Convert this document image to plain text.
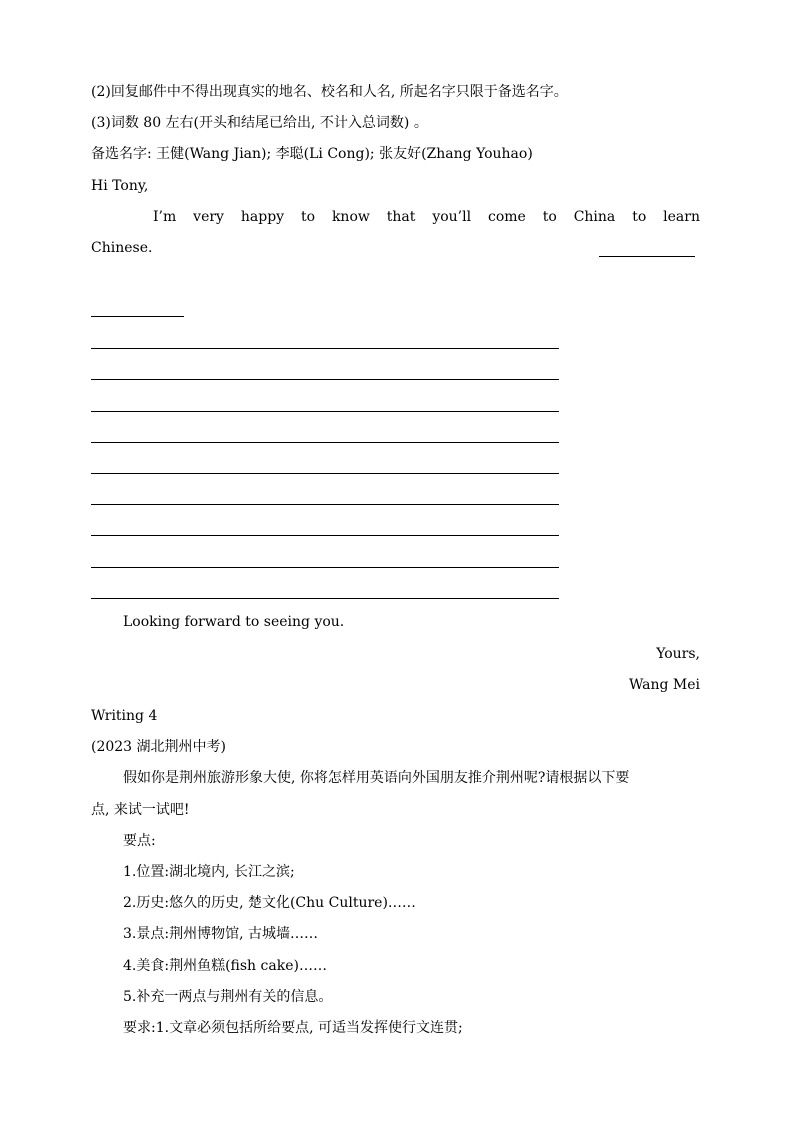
(2)回复邮件中不得出现真实的地名、校名和人名, 所起名字只限于备选名字。
(3)词数 80 左右(开头和结尾已给出, 不计入总词数) 。
备选名字: 王健(Wang Jian); 李聪(Li Cong); 张友好(Zhang Youhao)
Hi Tony,
I’m very happy to know that you’ll come to China to learn
Chinese.
Looking forward to seeing you.
Yours,
Wang Mei
Writing 4
(2023 湖北荆州中考)
假如你是荆州旅游形象大使, 你将怎样用英语向外国朋友推介荆州呢?请根据以下要
点, 来试一试吧!
要点:
1.位置:湖北境内, 长江之滨;
2.历史:悠久的历史, 楚文化(Chu Culture)……
3.景点:荆州博物馆, 古城墙……
4.美食:荆州鱼糕(fish cake)……
5.补充一两点与荆州有关的信息。
要求:1.文章必须包括所给要点, 可适当发挥使行文连贯;
